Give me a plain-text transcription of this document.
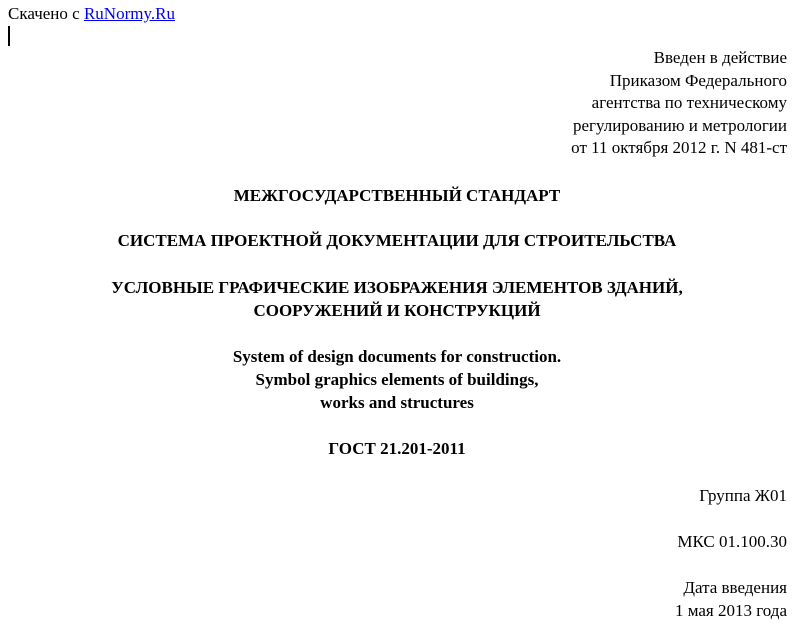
Скачено с RuNormy.Ru
Введен в действие
Приказом Федерального
агентства по техническому
регулированию и метрологии
от 11 октября 2012 г. N 481-ст
МЕЖГОСУДАРСТВЕННЫЙ СТАНДАРТ
СИСТЕМА ПРОЕКТНОЙ ДОКУМЕНТАЦИИ ДЛЯ СТРОИТЕЛЬСТВА
УСЛОВНЫЕ ГРАФИЧЕСКИЕ ИЗОБРАЖЕНИЯ ЭЛЕМЕНТОВ ЗДАНИЙ,
СООРУЖЕНИЙ И КОНСТРУКЦИЙ
System of design documents for construction.
Symbol graphics elements of buildings,
works and structures
ГОСТ 21.201-2011
Группа Ж01
МКС 01.100.30
Дата введения
1 мая 2013 года
